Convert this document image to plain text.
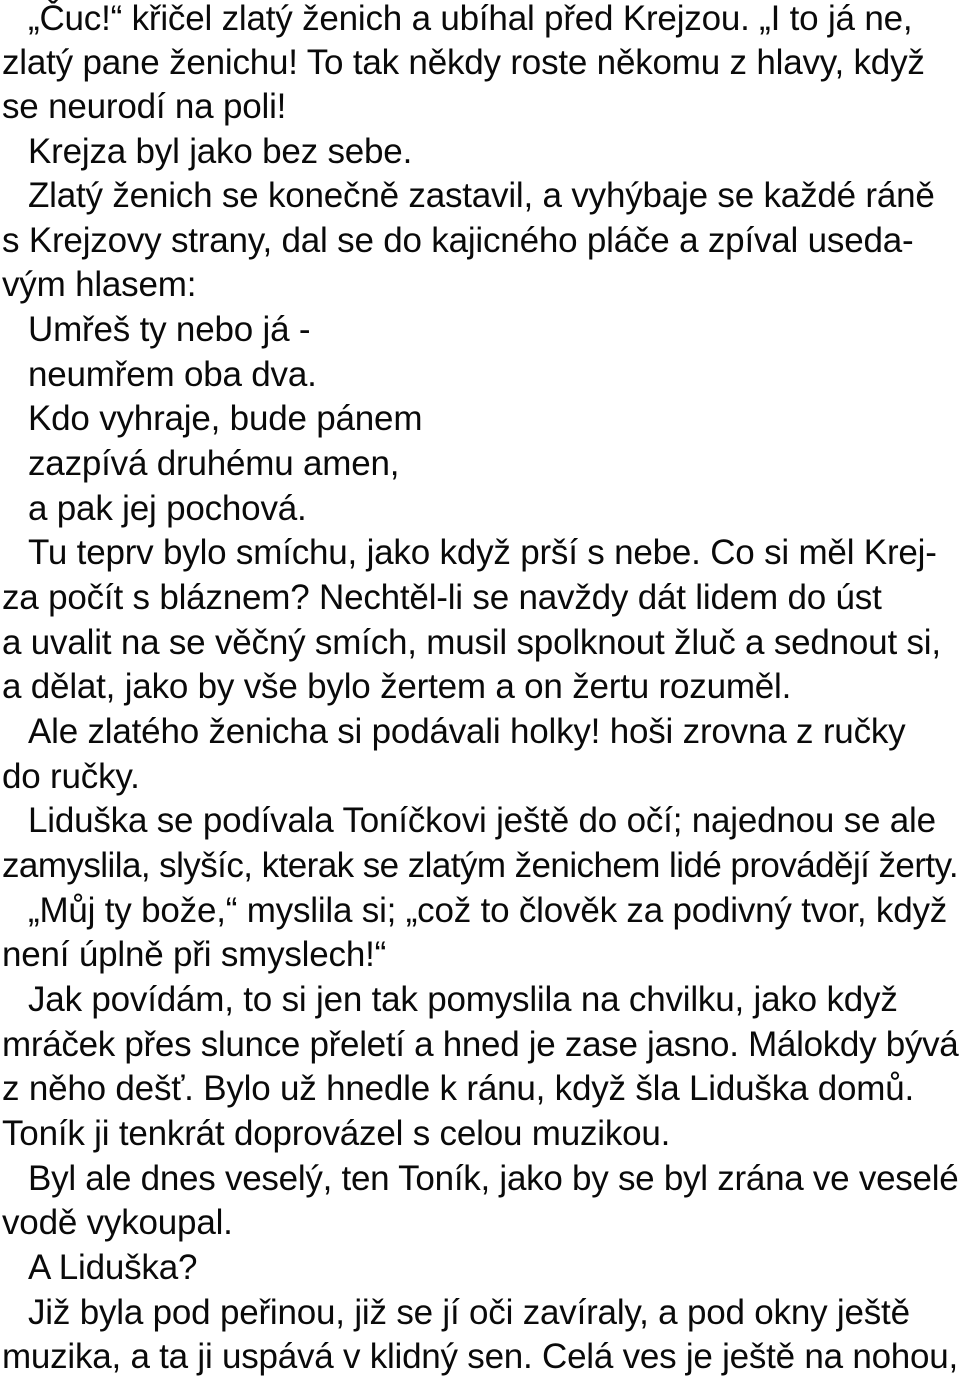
„Čuc!“ křičel zlatý ženich a ubíhal před Krejzou. „I to já ne,

zlatý pane ženichu! To tak někdy roste někomu z hlavy, když

se neurodí na poli!

Krejza byl jako bez sebe.

Zlatý ženich se konečně zastavil, a vyhýbaje se každé ráně

s Krejzovy strany, dal se do kajicného pláče a zpíval useda-

vým hlasem:

Umřeš ty nebo já -

neumřem oba dva.

Kdo vyhraje, bude pánem

zazpívá druhému amen,

a pak jej pochová.

Tu teprv bylo smíchu, jako když prší s nebe. Co si měl Krej-

za počít s bláznem? Nechtěl-li se navždy dát lidem do úst

a uvalit na se věčný smích, musil spolknout žluč a sednout si,

a dělat, jako by vše bylo žertem a on žertu rozuměl.

Ale zlatého ženicha si podávali holky! hoši zrovna z ručky

do ručky.

Liduška se podívala Toníčkovi ještě do očí; najednou se ale

zamyslila, slyšíc, kterak se zlatým ženichem lidé provádějí žerty.

„Můj ty bože,“ myslila si; „což to člověk za podivný tvor, když

není úplně při smyslech!“

Jak povídám, to si jen tak pomyslila na chvilku, jako když

mráček přes slunce přeletí a hned je zase jasno. Málokdy bývá

z něho dešť. Bylo už hnedle k ránu, když šla Liduška domů.

Toník ji tenkrát doprovázel s celou muzikou.

Byl ale dnes veselý, ten Toník, jako by se byl zrána ve veselé

vodě vykoupal.

A Liduška?

Již byla pod peřinou, již se jí oči zavíraly, a pod okny ještě

muzika, a ta ji uspává v klidný sen. Celá ves je ještě na nohou,
